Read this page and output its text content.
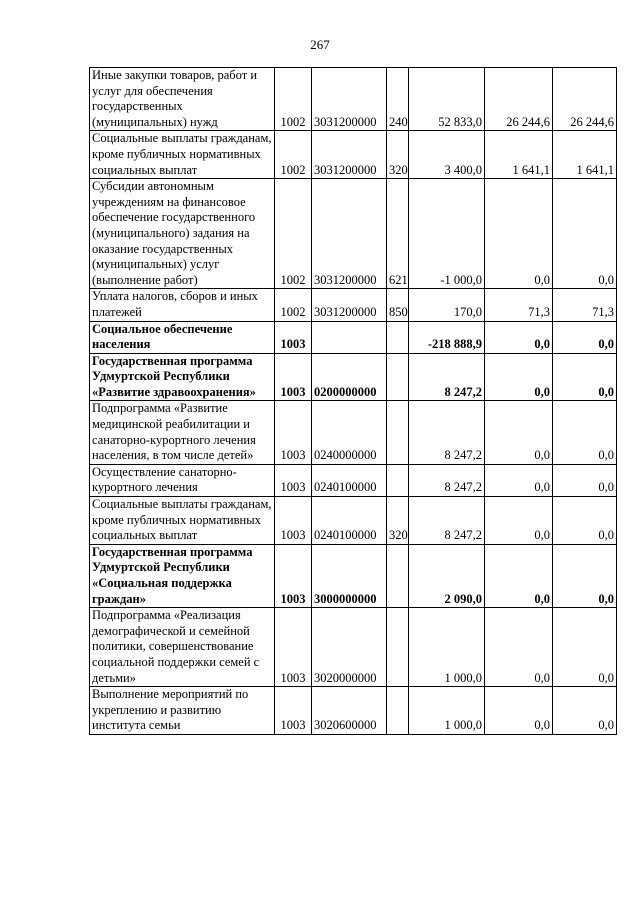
267
Иные закупки товаров, работ и услуг для обеспечения государственных (муниципальных) нужд	1002	3031200000	240	52 833,0	26 244,6	26 244,6
Социальные выплаты гражданам, кроме публичных нормативных социальных выплат	1002	3031200000	320	3 400,0	1 641,1	1 641,1
Субсидии автономным учреждениям на финансовое обеспечение государственного (муниципального) задания на оказание государственных (муниципальных) услуг (выполнение работ)	1002	3031200000	621	-1 000,0	0,0	0,0
Уплата налогов, сборов и иных платежей	1002	3031200000	850	170,0	71,3	71,3
Социальное обеспечение населения	1003			-218 888,9	0,0	0,0
Государственная программа Удмуртской Республики «Развитие здравоохранения»	1003	0200000000		8 247,2	0,0	0,0
Подпрограмма «Развитие медицинской реабилитации и санаторно-курортного лечения населения, в том числе детей»	1003	0240000000		8 247,2	0,0	0,0
Осуществление санаторно-курортного лечения	1003	0240100000		8 247,2	0,0	0,0
Социальные выплаты гражданам, кроме публичных нормативных социальных выплат	1003	0240100000	320	8 247,2	0,0	0,0
Государственная программа Удмуртской Республики «Социальная поддержка граждан»	1003	3000000000		2 090,0	0,0	0,0
Подпрограмма «Реализация демографической и семейной политики, совершенствование социальной поддержки семей с детьми»	1003	3020000000		1 000,0	0,0	0,0
Выполнение мероприятий по укреплению и развитию института семьи	1003	3020600000		1 000,0	0,0	0,0
